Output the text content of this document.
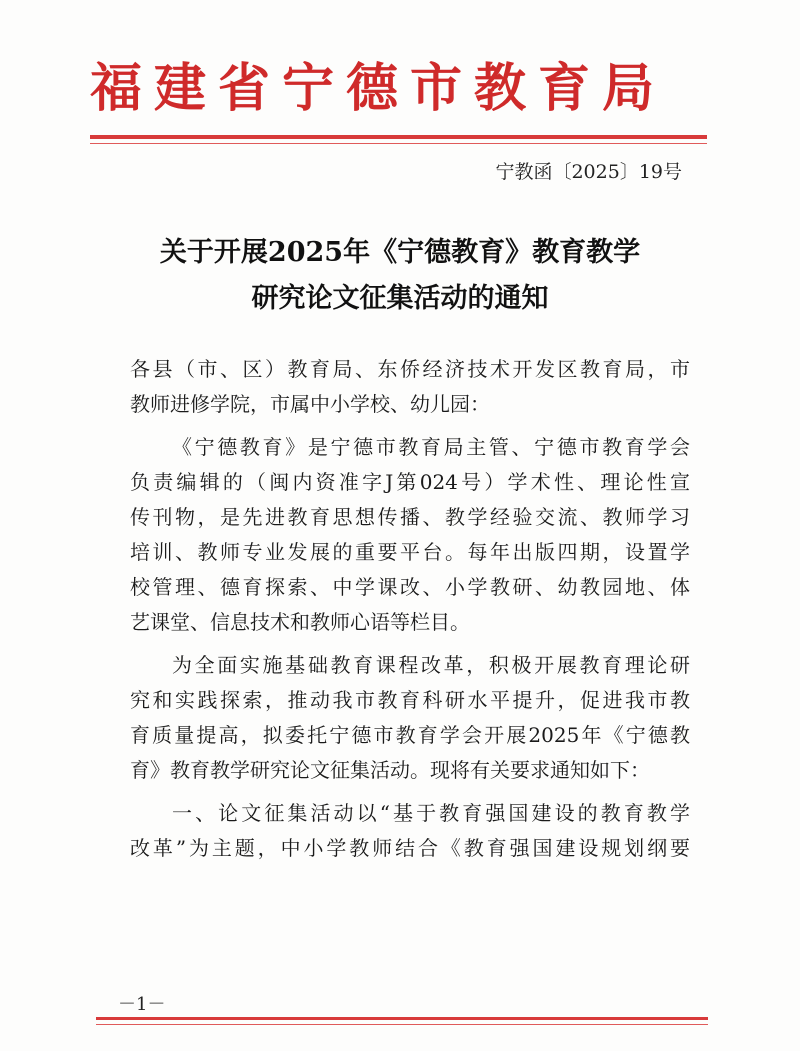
福建省宁德市教育局
宁教函〔2025〕19号
关于开展2025年《宁德教育》教育教学
研究论文征集活动的通知
各县（市、区）教育局、东侨经济技术开发区教育局，市
教师进修学院，市属中小学校、幼儿园：
《宁德教育》是宁德市教育局主管、宁德市教育学会
负责编辑的（闽内资准字J第024号）学术性、理论性宣
传刊物，是先进教育思想传播、教学经验交流、教师学习
培训、教师专业发展的重要平台。每年出版四期，设置学
校管理、德育探索、中学课改、小学教研、幼教园地、体
艺课堂、信息技术和教师心语等栏目。
为全面实施基础教育课程改革，积极开展教育理论研
究和实践探索，推动我市教育科研水平提升，促进我市教
育质量提高，拟委托宁德市教育学会开展2025年《宁德教
育》教育教学研究论文征集活动。现将有关要求通知如下：
一、论文征集活动以“基于教育强国建设的教育教学
改革”为主题，中小学教师结合《教育强国建设规划纲要
－1－
